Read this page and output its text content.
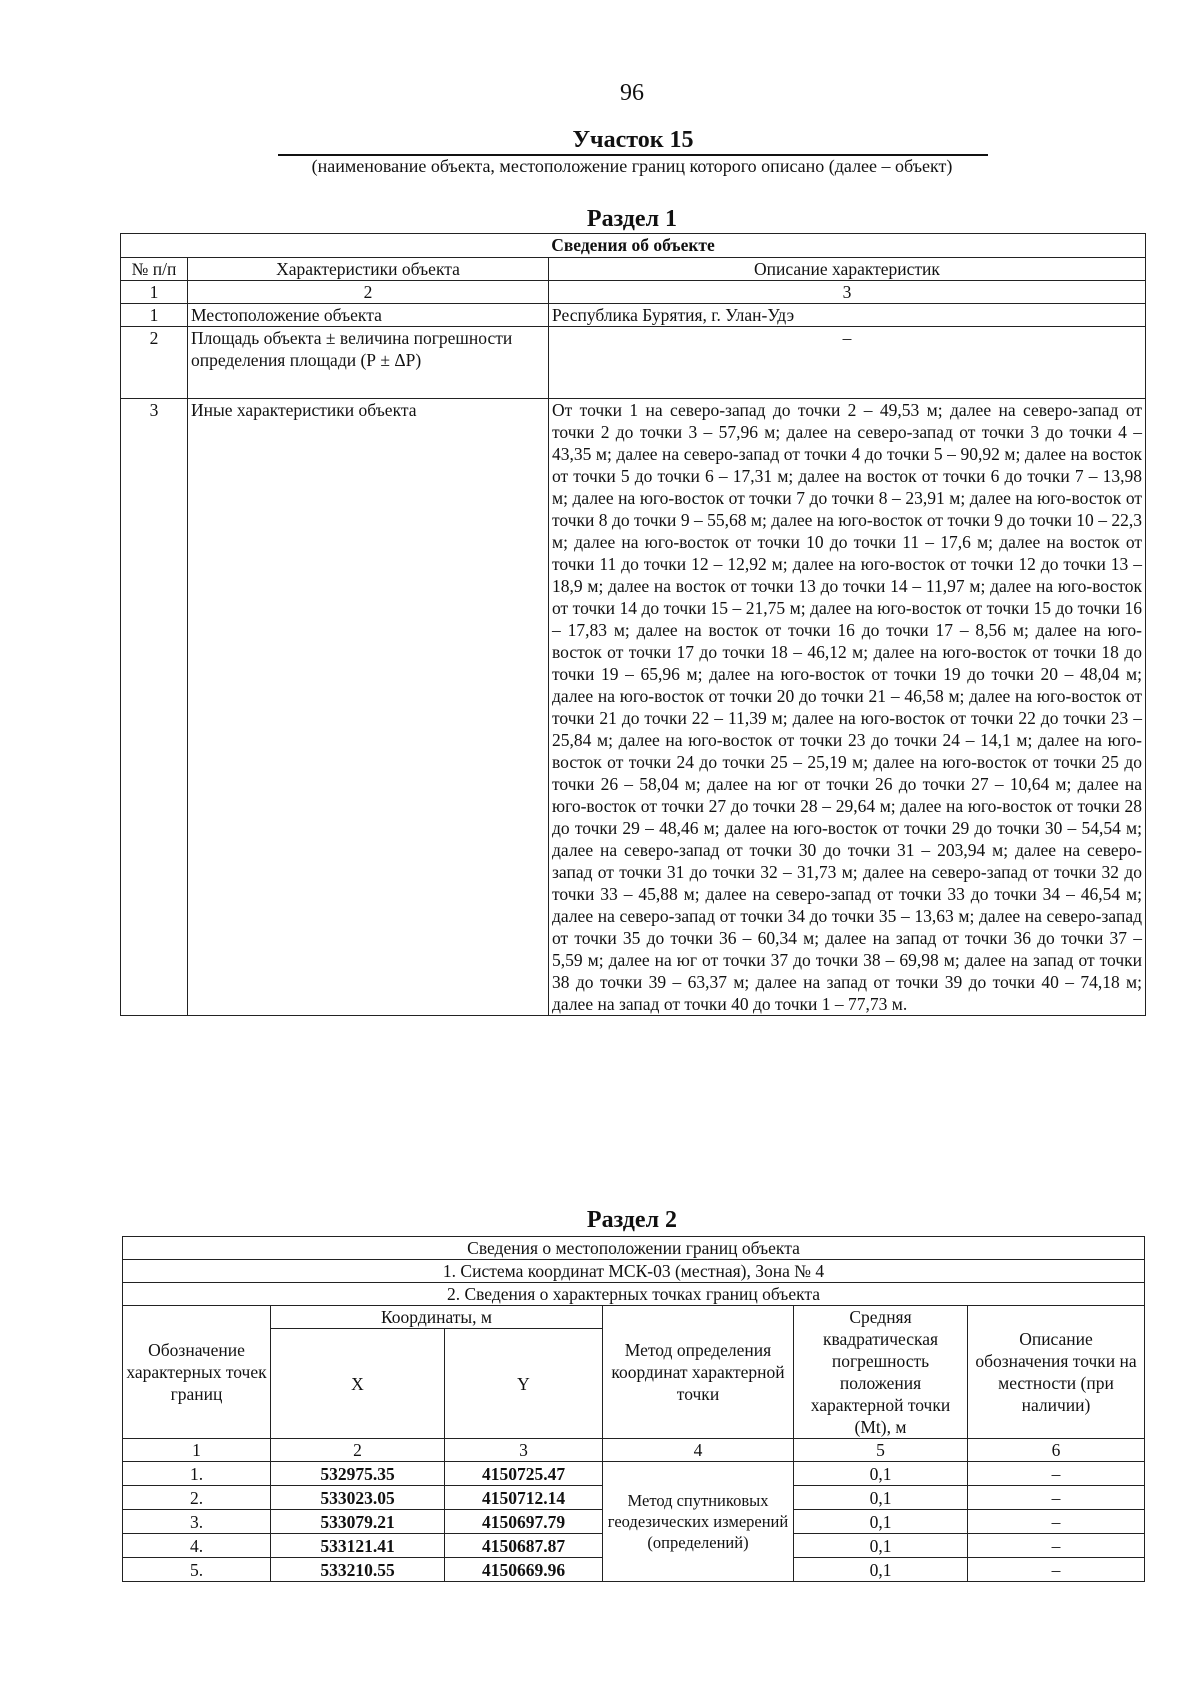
96
Участок 15
(наименование объекта, местоположение границ которого описано (далее – объект)
Раздел 1
Сведения об объекте		
№ п/п	Характеристики объекта	Описание характеристик
1	2	3
1	Местоположение объекта	Республика Бурятия, г. Улан-Удэ
2	Площадь объекта ± величина погрешности определения площади (Р ± ΔР)	–
3	Иные характеристики объекта	От точки 1 на северо-запад до точки 2 – 49,53 м; далее на северо-запад от точки 2 до точки 3 – 57,96 м; далее на северо-запад от точки 3 до точки 4 – 43,35 м; далее на северо-запад от точки 4 до точки 5 – 90,92 м; далее на восток от точки 5 до точки 6 – 17,31 м; далее на восток от точки 6 до точки 7 – 13,98 м; далее на юго-восток от точки 7 до точки 8 – 23,91 м; далее на юго-восток от точки 8 до точки 9 – 55,68 м; далее на юго-восток от точки 9 до точки 10 – 22,3 м; далее на юго-восток от точки 10 до точки 11 – 17,6 м; далее на восток от точки 11 до точки 12 – 12,92 м; далее на юго-восток от точки 12 до точки 13 – 18,9 м; далее на восток от точки 13 до точки 14 – 11,97 м; далее на юго-восток от точки 14 до точки 15 – 21,75 м; далее на юго-восток от точки 15 до точки 16 – 17,83 м; далее на восток от точки 16 до точки 17 – 8,56 м; далее на юго-восток от точки 17 до точки 18 – 46,12 м; далее на юго-восток от точки 18 до точки 19 – 65,96 м; далее на юго-восток от точки 19 до точки 20 – 48,04 м; далее на юго-восток от точки 20 до точки 21 – 46,58 м; далее на юго-восток от точки 21 до точки 22 – 11,39 м; далее на юго-восток от точки 22 до точки 23 – 25,84 м; далее на юго-восток от точки 23 до точки 24 – 14,1 м; далее на юго-восток от точки 24 до точки 25 – 25,19 м; далее на юго-восток от точки 25 до точки 26 – 58,04 м; далее на юг от точки 26 до точки 27 – 10,64 м; далее на юго-восток от точки 27 до точки 28 – 29,64 м; далее на юго-восток от точки 28 до точки 29 – 48,46 м; далее на юго-восток от точки 29 до точки 30 – 54,54 м; далее на северо-запад от точки 30 до точки 31 – 203,94 м; далее на северо-запад от точки 31 до точки 32 – 31,73 м; далее на северо-запад от точки 32 до точки 33 – 45,88 м; далее на северо-запад от точки 33 до точки 34 – 46,54 м; далее на северо-запад от точки 34 до точки 35 – 13,63 м; далее на северо-запад от точки 35 до точки 36 – 60,34 м; далее на запад от точки 36 до точки 37 – 5,59 м; далее на юг от точки 37 до точки 38 – 69,98 м; далее на запад от точки 38 до точки 39 – 63,37 м; далее на запад от точки 39 до точки 40 – 74,18 м; далее на запад от точки 40 до точки 1 – 77,73 м.
Раздел 2
Сведения о местоположении границ объекта					
1. Система координат МСК-03 (местная), Зона № 4					
2. Сведения о характерных точках границ объекта					
Обозначение характерных точек границ	Координаты, м		Метод определения координат характерной точки	Средняя квадратическая погрешность положения характерной точки (Mt), м	Описание обозначения точки на местности (при наличии)
	X	Y			
1	2	3	4	5	6
1.	532975.35	4150725.47	Метод спутниковых геодезических измерений (определений)	0,1	–
2.	533023.05	4150712.14		0,1	–
3.	533079.21	4150697.79		0,1	–
4.	533121.41	4150687.87		0,1	–
5.	533210.55	4150669.96		0,1	–
